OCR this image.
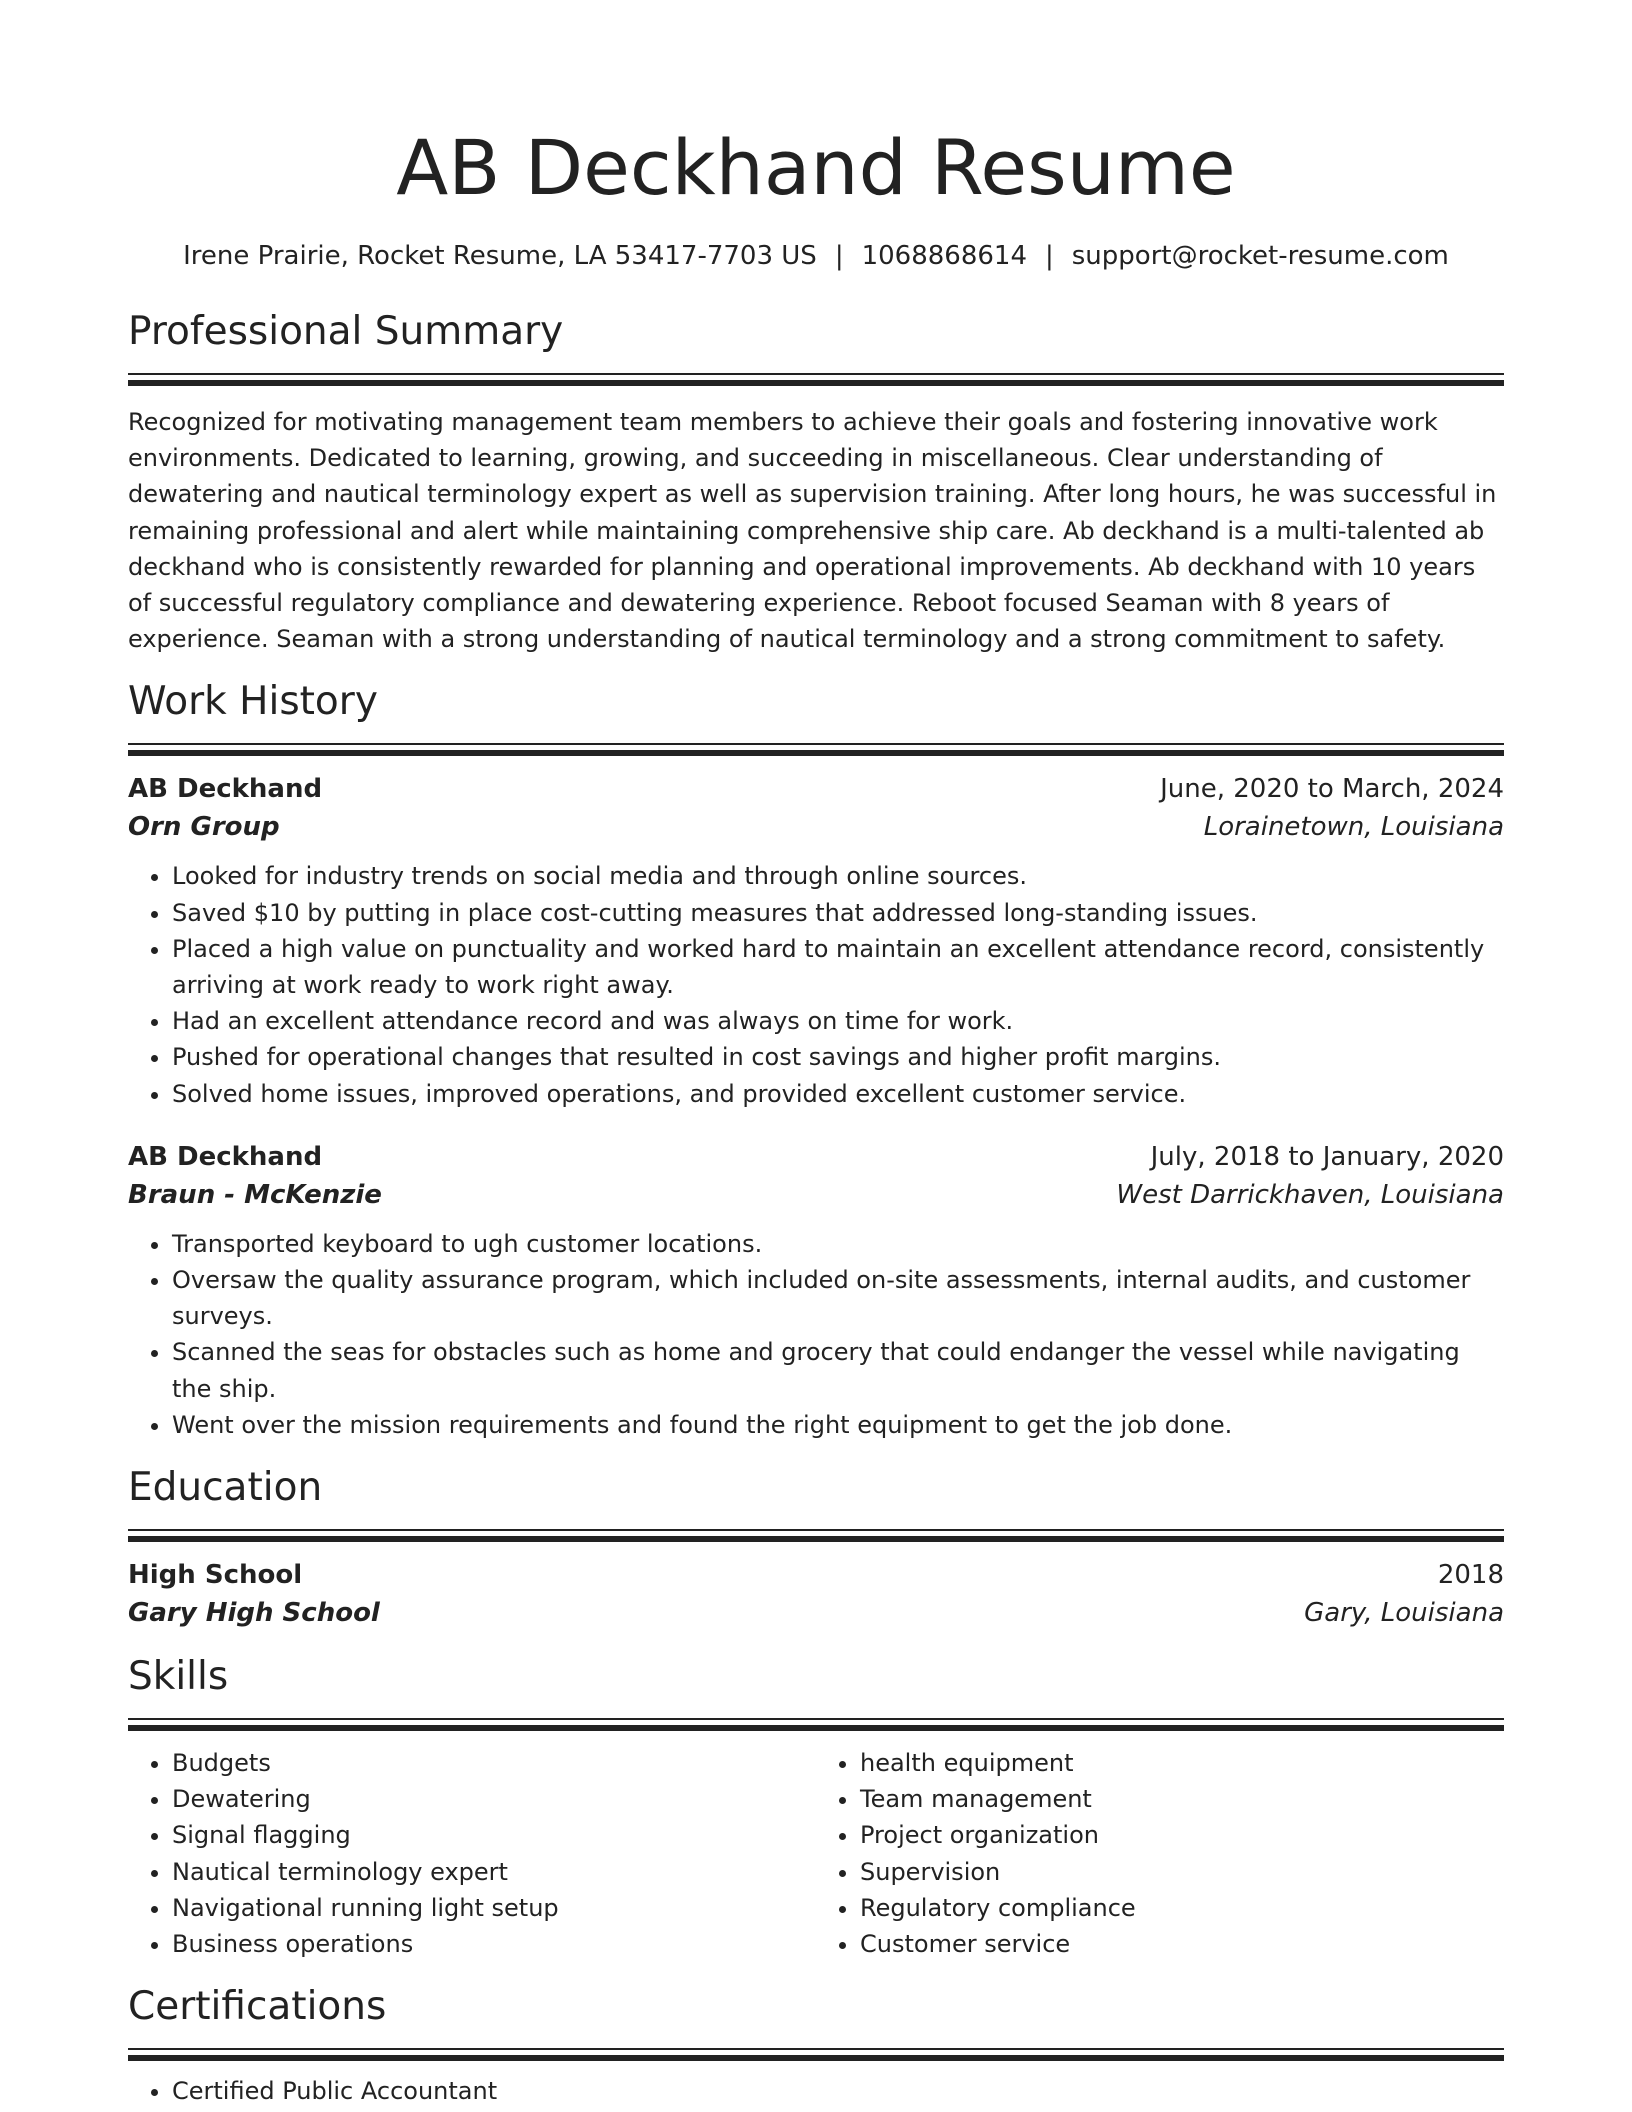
AB Deckhand Resume
Irene Prairie, Rocket Resume, LA 53417-7703 US | 1068868614 | support@rocket-resume.com
Professional Summary

Recognized for motivating management team members to achieve their goals and fostering innovative work environments. Dedicated to learning, growing, and succeeding in miscellaneous. Clear understanding of dewatering and nautical terminology expert as well as supervision training. After long hours, he was successful in remaining professional and alert while maintaining comprehensive ship care. Ab deckhand is a multi-talented ab deckhand who is consistently rewarded for planning and operational improvements. Ab deckhand with 10 years of successful regulatory compliance and dewatering experience. Reboot focused Seaman with 8 years of experience. Seaman with a strong understanding of nautical terminology and a strong commitment to safety.

Work History
AB Deckhand	June, 2020 to March, 2024
Orn Group	Lorainetown, Louisiana
• Looked for industry trends on social media and through online sources.
• Saved $10 by putting in place cost-cutting measures that addressed long-standing issues.
• Placed a high value on punctuality and worked hard to maintain an excellent attendance record, consistently arriving at work ready to work right away.
• Had an excellent attendance record and was always on time for work.
• Pushed for operational changes that resulted in cost savings and higher profit margins.
• Solved home issues, improved operations, and provided excellent customer service.
AB Deckhand	July, 2018 to January, 2020
Braun - McKenzie	West Darrickhaven, Louisiana
• Transported keyboard to ugh customer locations.
• Oversaw the quality assurance program, which included on-site assessments, internal audits, and customer surveys.
• Scanned the seas for obstacles such as home and grocery that could endanger the vessel while navigating the ship.
• Went over the mission requirements and found the right equipment to get the job done.
Education
High School	2018
Gary High School	Gary, Louisiana
Skills
• Budgets
• Dewatering
• Signal flagging
• Nautical terminology expert
• Navigational running light setup
• Business operations
• health equipment
• Team management
• Project organization
• Supervision
• Regulatory compliance
• Customer service
Certifications
• Certified Public Accountant
